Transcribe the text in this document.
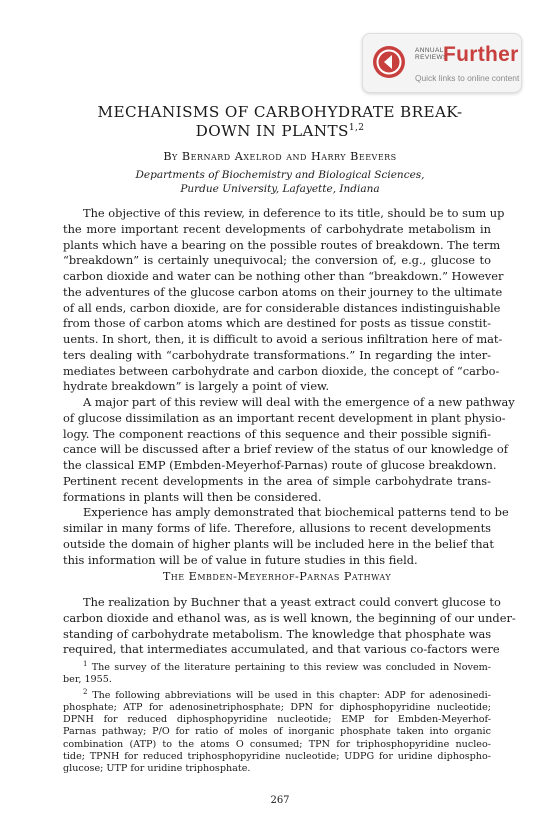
ANNUAL
REVIEWS
Further
Quick links to online content
MECHANISMS OF CARBOHYDRATE BREAK-
DOWN IN PLANTS$^{1,2}$
By Bernard Axelrod and Harry Beevers
Departments of Biochemistry and Biological Sciences,
Purdue University, Lafayette, Indiana
The objective of this review, in deference to its title, should be to sum up
the more important recent developments of carbohydrate metabolism in
plants which have a bearing on the possible routes of breakdown. The term
“breakdown” is certainly unequivocal; the conversion of, e.g., glucose to
carbon dioxide and water can be nothing other than “breakdown.” However
the adventures of the glucose carbon atoms on their journey to the ultimate
of all ends, carbon dioxide, are for considerable distances indistinguishable
from those of carbon atoms which are destined for posts as tissue constit-
uents. In short, then, it is difficult to avoid a serious infiltration here of mat-
ters dealing with “carbohydrate transformations.” In regarding the inter-
mediates between carbohydrate and carbon dioxide, the concept of “carbo-
hydrate breakdown” is largely a point of view.
A major part of this review will deal with the emergence of a new pathway
of glucose dissimilation as an important recent development in plant physio-
logy. The component reactions of this sequence and their possible signifi-
cance will be discussed after a brief review of the status of our knowledge of
the classical EMP (Embden-Meyerhof-Parnas) route of glucose breakdown.
Pertinent recent developments in the area of simple carbohydrate trans-
formations in plants will then be considered.
Experience has amply demonstrated that biochemical patterns tend to be
similar in many forms of life. Therefore, allusions to recent developments
outside the domain of higher plants will be included here in the belief that
this information will be of value in future studies in this field.
The Embden-Meyerhof-Parnas Pathway
The realization by Buchner that a yeast extract could convert glucose to
carbon dioxide and ethanol was, as is well known, the beginning of our under-
standing of carbohydrate metabolism. The knowledge that phosphate was
required, that intermediates accumulated, and that various co-factors were
$^1$ The survey of the literature pertaining to this review was concluded in Novem-
ber, 1955.
$^2$ The following abbreviations will be used in this chapter: ADP for adenosinedi-
phosphate; ATP for adenosinetriphosphate; DPN for diphosphopyridine nucleotide;
DPNH for reduced diphosphopyridine nucleotide; EMP for Embden-Meyerhof-
Parnas pathway; P/O for ratio of moles of inorganic phosphate taken into organic
combination (ATP) to the atoms O consumed; TPN for triphosphopyridine nucleo-
tide; TPNH for reduced triphosphopyridine nucleotide; UDPG for uridine diphospho-
glucose; UTP for uridine triphosphate.
267
